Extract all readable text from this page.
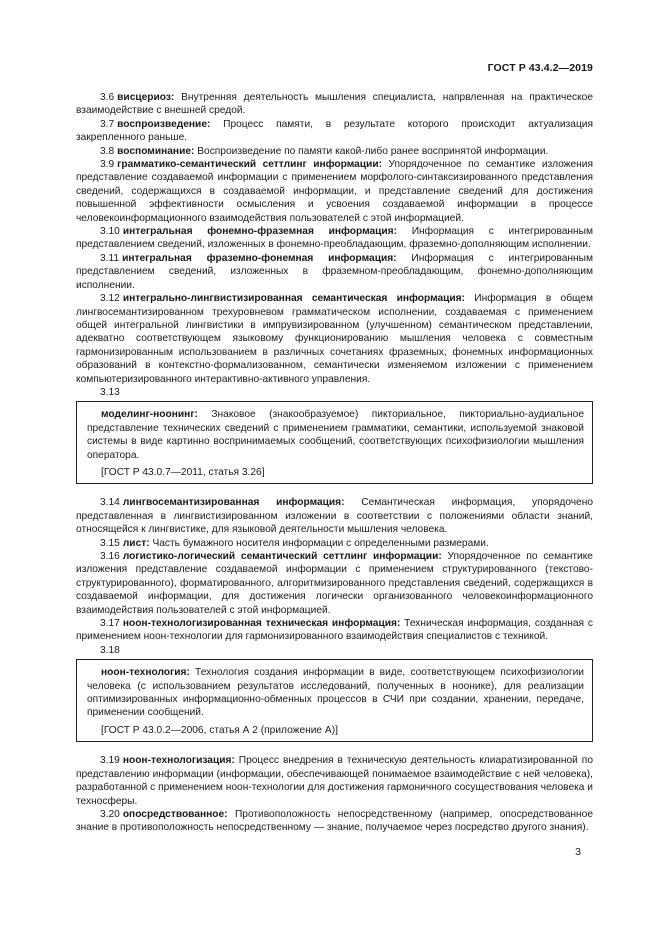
ГОСТ Р 43.4.2—2019

3.6 висцериоз: Внутренняя деятельность мышления специалиста, напрвленная на практическое взаимодействие с внешней средой.

3.7 воспроизведение: Процесс памяти, в результате которого происходит актуализация закрепленного раньше.

3.8 воспоминание: Воспроизведение по памяти какой-либо ранее воспринятой информации.

3.9 грамматико-семантический сеттлинг информации: Упорядоченное по семантике изложения представление создаваемой информации с применением морфолого-синтаксизированного представления сведений, содержащихся в создаваемой информации, и представление сведений для достижения повышенной эффективности осмысления и усвоения создаваемой информации в процессе человекоинформационного взаимодействия пользователей с этой информацией.

3.10 интегральная фонемно-фраземная информация: Информация с интегрированным представлением сведений, изложенных в фонемно-преобладающим, фраземно-дополняющим исполнении.

3.11 интегральная фраземно-фонемная информация: Информация с интегрированным представлением сведений, изложенных в фраземном-преобладающим, фонемно-дополняющим исполнении.

3.12 интегрально-лингвистизированная семантическая информация: Информация в общем лингвосемантизированном трехуровневом грамматическом исполнении, создаваемая с применением общей интегральной лингвистики в импрувизированном (улучшенном) семантическом представлении, адекватно соответствующем языковому функционированию мышления человека с совместным гармонизированным использованием в различных сочетаниях фраземных, фонемных информационных образований в контекстно-формализованном, семантически изменяемом изложении с применением компьютеризированного интерактивно-активного управления.

3.13

моделинг-ноонинг: Знаковое (знакообразуемое) пикториальное, пикториально-аудиальное представление технических сведений с применением грамматики, семантики, используемой знаковой системы в виде картинно воспринимаемых сообщений, соответствующих психофизиологии мышления оператора.

[ГОСТ Р 43.0.7—2011, статья 3.26]

3.14 лингвосемантизированная информация: Семантическая информация, упорядочено представленная в лингвистизированном изложении в соответствии с положениями области знаний, относящейся к лингвистике, для языковой деятельности мышления человека.

3.15 лист: Часть бумажного носителя информации с определенными размерами.

3.16 логистико-логический семантический сеттлинг информации: Упорядоченное по семантике изложения представление создаваемой информации с применением структурированного (текстово-структурированного), форматированного, алгоритмизированного представления сведений, содержащихся в создаваемой информации, для достижения логически организованного человекоинформационного взаимодействия пользователей с этой информацией.

3.17 ноон-технологизированная техническая информация: Техническая информация, созданная с применением ноон-технологии для гармонизированного взаимодействия специалистов с техникой.

3.18

ноон-технология: Технология создания информации в виде, соответствующем психофизиологии человека (с использованием результатов исследований, полученных в ноонике), для реализации оптимизированных информационно-обменных процессов в СЧИ при создании, хранении, передаче, применении сообщений.

[ГОСТ Р 43.0.2—2006, статья А 2 (приложение А)]

3.19 ноон-технологизация: Процесс внедрения в техническую деятельность клиаратизированной по представлению информации (информации, обеспечивающей понимаемое взаимодействие с ней человека), разработанной с применением ноон-технологии для достижения гармоничного сосуществования человека и техносферы.

3.20 опосредствованное: Противоположность непосредственному (например, опосредствованное знание в противоположность непосредственному — знание, получаемое через посредство другого знания).

3
